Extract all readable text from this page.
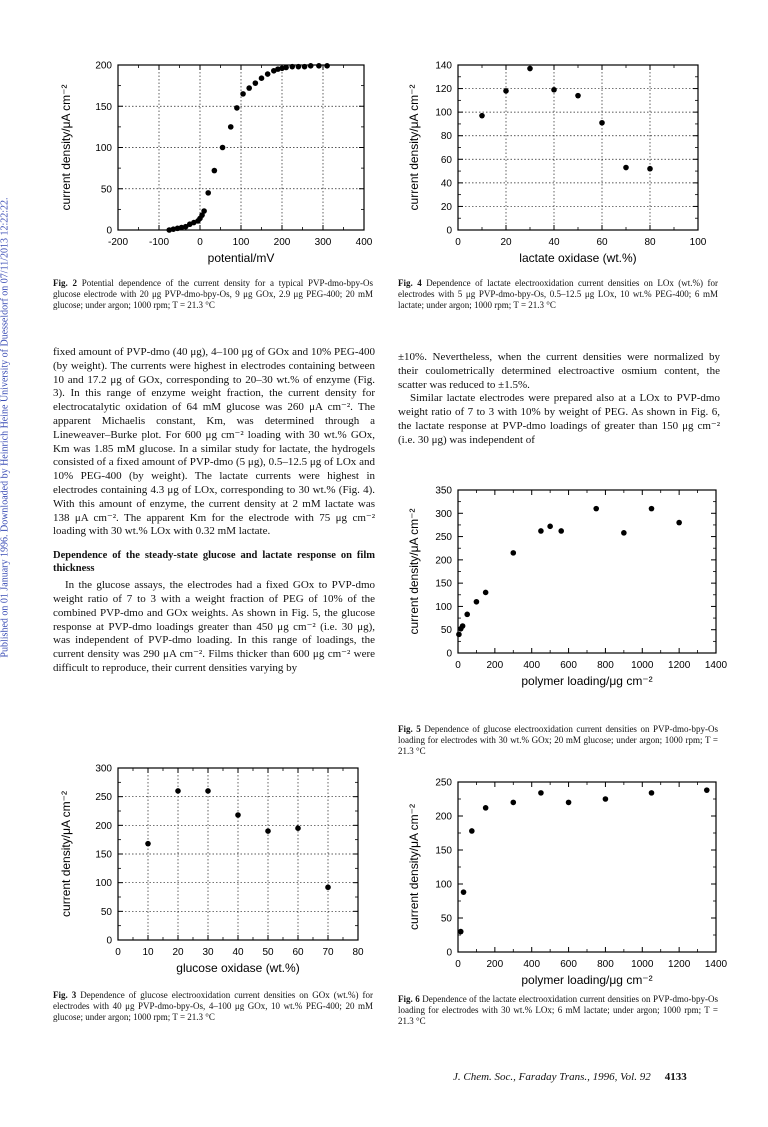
Published on 01 January 1996. Downloaded by Heinrich Heine University of Duesseldorf on 07/11/2013 12:22:22.	-200 -100	0	100 200 300 400
0
50
100
150
200
potential/mV
current density/μA cm⁻²
0	20	40	60	80	100
0
20
40
60
80
100
120
140
lactate oxidase (wt.%)
current density/μA cm⁻²
0	200 400 600 800 1000 1200 1400
0
50
100
150
200
250
300
350
polymer loading/μg cm⁻²
current density/μA cm⁻²
0 10 20 30 40 50 60 70 80
0
50
100
150
200
250
300
glucose oxidase (wt.%)
current density/μA cm⁻²
0	200 400 600 800 1000 1200 1400
0
50
100
150
200
250
polymer loading/μg cm⁻²
current density/μA cm⁻²
Fig. 2 Potential dependence of the current density for a typical PVP-dmo-bpy-Os glucose electrode with 20 μg PVP-dmo-bpy-Os, 9 μg GOx, 2.9 μg PEG-400; 20 mM glucose; under argon; 1000 rpm; T = 21.3 °C
Fig. 4 Dependence of lactate electrooxidation current densities on LOx (wt.%) for electrodes with 5 μg PVP-dmo-bpy-Os, 0.5–12.5 μg LOx, 10 wt.% PEG-400; 6 mM lactate; under argon; 1000 rpm; T = 21.3 °C
Fig. 5 Dependence of glucose electrooxidation current densities on PVP-dmo-bpy-Os loading for electrodes with 30 wt.% GOx; 20 mM glucose; under argon; 1000 rpm; T = 21.3 °C
Fig. 3 Dependence of glucose electrooxidation current densities on GOx (wt.%) for electrodes with 40 μg PVP-dmo-bpy-Os, 4–100 μg GOx, 10 wt.% PEG-400; 20 mM glucose; under argon; 1000 rpm; T = 21.3 °C
Fig. 6 Dependence of the lactate electrooxidation current densities on PVP-dmo-bpy-Os loading for electrodes with 30 wt.% LOx; 6 mM lactate; under argon; 1000 rpm; T = 21.3 °C

fixed amount of PVP-dmo (40 μg), 4–100 μg of GOx and 10% PEG-400 (by weight). The currents were highest in electrodes containing between 10 and 17.2 μg of GOx, corresponding to 20–30 wt.% of enzyme (Fig. 3). In this range of enzyme weight fraction, the current density for electrocatalytic oxidation of 64 mM glucose was 260 μA cm⁻². The apparent Michaelis constant, Km, was determined through a Lineweaver–Burke plot. For 600 μg cm⁻² loading with 30 wt.% GOx, Km was 1.85 mM glucose. In a similar study for lactate, the hydrogels consisted of a fixed amount of PVP-dmo (5 μg), 0.5–12.5 μg of LOx and 10% PEG-400 (by weight). The lactate currents were highest in electrodes containing 4.3 μg of LOx, corresponding to 30 wt.% (Fig. 4). With this amount of enzyme, the current density at 2 mM lactate was 138 μA cm⁻². The apparent Km for the electrode with 75 μg cm⁻² loading with 30 wt.% LOx with 0.32 mM lactate.

Dependence of the steady-state glucose and lactate response on film thickness

In the glucose assays, the electrodes had a fixed GOx to PVP-dmo weight ratio of 7 to 3 with a weight fraction of PEG of 10% of the combined PVP-dmo and GOx weights. As shown in Fig. 5, the glucose response at PVP-dmo loadings greater than 450 μg cm⁻² (i.e. 30 μg), was independent of PVP-dmo loading. In this range of loadings, the current density was 290 μA cm⁻². Films thicker than 600 μg cm⁻² were difficult to reproduce, their current densities varying by

±10%. Nevertheless, when the current densities were normalized by their coulometrically determined electroactive osmium content, the scatter was reduced to ±1.5%.

Similar lactate electrodes were prepared also at a LOx to PVP-dmo weight ratio of 7 to 3 with 10% by weight of PEG. As shown in Fig. 6, the lactate response at PVP-dmo loadings of greater than 150 μg cm⁻² (i.e. 30 μg) was independent of

J. Chem. Soc., Faraday Trans., 1996, Vol. 92 4133
